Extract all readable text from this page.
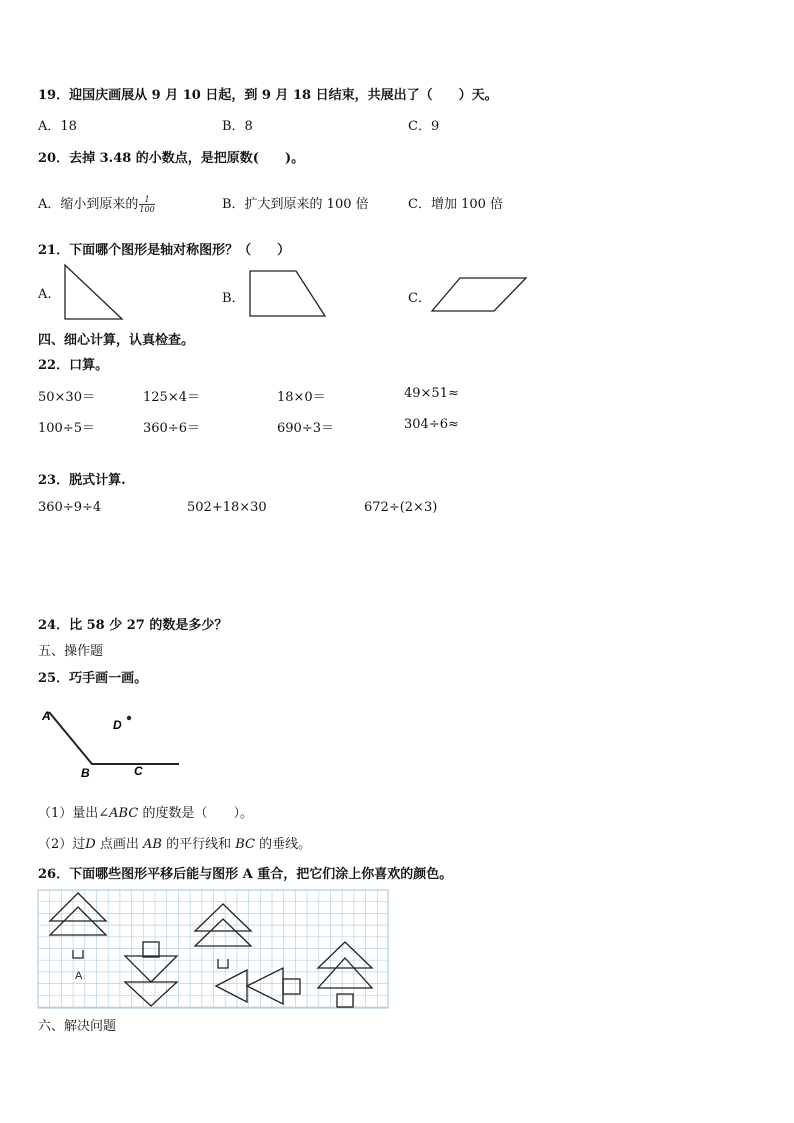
19．迎国庆画展从 9 月 10 日起，到 9 月 18 日结束，共展出了（　　）天。
A．18	B．8	C．9
20．去掉 3.48 的小数点，是把原数(　　)。
A．缩小到原来的 $\frac{1}{100}$	B．扩大到原来的 100 倍	C．增加 100 倍
21．下面哪个图形是轴对称图形？（　　）
A.	B．	C．
四、细心计算，认真检查。
22．口算。
50×30＝	125×4＝	18×0＝	49×51≈
100÷5＝	360÷6＝	690÷3＝	304÷6≈
23．脱式计算.
360÷9÷4	502+18×30	672÷(2×3)
24．比 58 少 27 的数是多少？
五、操作题
25．巧手画一画。
A
B	C
D
（1）量出∠ABC 的度数是（　　）。
（2）过D 点画出 AB 的平行线和 BC 的垂线。
26．下面哪些图形平移后能与图形 A 重合，把它们涂上你喜欢的颜色。
A
六、解决问题
